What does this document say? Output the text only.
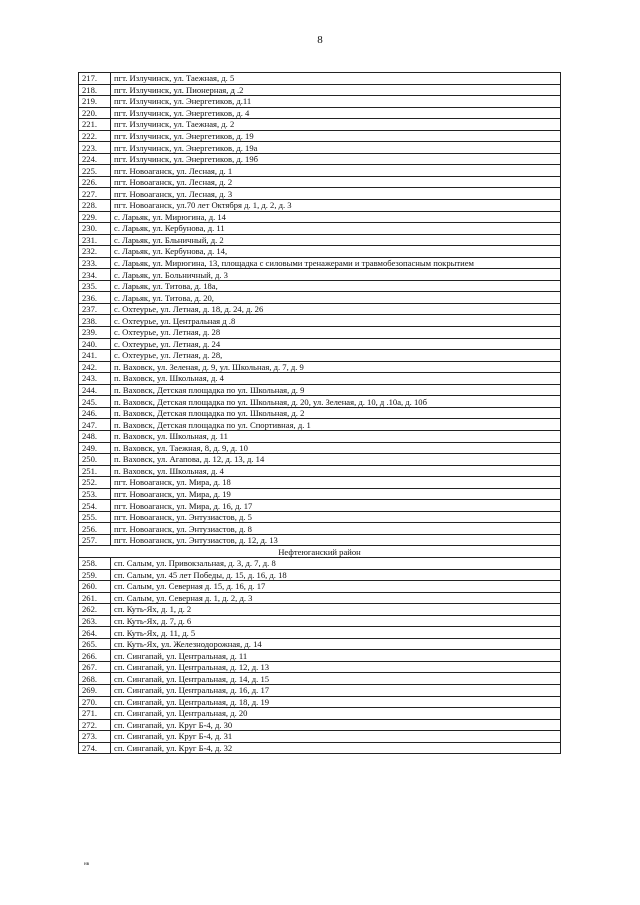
8
217.	пгт. Излучинск, ул. Таежная, д. 5
218.	пгт. Излучинск, ул. Пионерная, д .2
219.	пгт. Излучинск, ул. Энергетиков, д.11
220.	пгт. Излучинск, ул. Энергетиков, д. 4
221.	пгт. Излучинск, ул. Таежная, д. 2
222.	пгт. Излучинск, ул. Энергетиков, д. 19
223.	пгт. Излучинск, ул. Энергетиков, д. 19а
224.	пгт. Излучинск, ул. Энергетиков, д. 19б
225.	пгт. Новоаганск, ул. Лесная, д. 1
226.	пгт. Новоаганск, ул. Лесная, д. 2
227.	пгт. Новоаганск, ул. Лесная, д. 3
228.	пгт. Новоаганск, ул.70 лет Октября д. 1, д. 2, д. 3
229.	с. Ларьяк, ул. Мирюгина, д. 14
230.	с. Ларьяк, ул. Кербунова, д. 11
231.	с. Ларьяк, ул. Бльничный, д. 2
232.	с. Ларьяк, ул. Кербунова, д. 14,
233.	с. Ларьяк, ул. Мирюгина, 13, площадка с силовыми тренажерами и травмобезопасным покрытием
234.	с. Ларьяк, ул. Больничный, д. 3
235.	с. Ларьяк, ул. Титова, д. 18а,
236.	с. Ларьяк, ул. Титова, д. 20,
237.	с. Охтеурье, ул. Летная, д. 18, д. 24, д. 26
238.	с. Охтеурье, ул. Центральная д .8
239.	с. Охтеурье, ул. Летная, д. 28
240.	с. Охтеурье, ул. Летная, д. 24
241.	с. Охтеурье, ул. Летная, д. 28,
242.	п. Ваховск, ул. Зеленая, д. 9, ул. Школьная, д. 7, д. 9
243.	п. Ваховск, ул. Школьная, д. 4
244.	п. Ваховск, Детская площадка по ул. Школьная, д. 9
245.	п. Ваховск, Детская площадка по ул. Школьная, д. 20, ул. Зеленая, д. 10, д .10а, д. 10б
246.	п. Ваховск, Детская площадка по ул. Школьная, д. 2
247.	п. Ваховск, Детская площадка по ул. Спортивная, д. 1
248.	п. Ваховск, ул. Школьная, д. 11
249.	п. Ваховск, ул. Таежная, 8, д. 9, д. 10
250.	п. Ваховск, ул. Агапова, д. 12, д. 13, д. 14
251.	п. Ваховск, ул. Школьная, д. 4
252.	пгт. Новоаганск, ул. Мира, д. 18
253.	пгт. Новоаганск, ул. Мира, д. 19
254.	пгт. Новоаганск, ул. Мира, д. 16, д. 17
255.	пгт. Новоаганск, ул. Энтузиастов, д. 5
256.	пгт. Новоаганск, ул. Энтузиастов, д. 8
257.	пгт. Новоаганск, ул. Энтузиастов, д. 12, д. 13
Нефтеюганский район	
258.	сп. Салым, ул. Привокзальная, д. 3, д. 7, д. 8
259.	сп. Салым, ул. 45 лет Победы, д. 15, д. 16, д. 18
260.	сп. Салым, ул. Северная д. 15, д. 16, д. 17
261.	сп. Салым, ул. Северная д. 1, д. 2, д. 3
262.	сп. Куть-Ях, д. 1, д. 2
263.	сп. Куть-Ях, д. 7, д. 6
264.	сп. Куть-Ях, д. 11, д. 5
265.	сп. Куть-Ях, ул. Железнодорожная, д. 14
266.	сп. Сингапай, ул. Центральная, д. 11
267.	сп. Сингапай, ул. Центральная, д. 12, д. 13
268.	сп. Сингапай, ул. Центральная, д. 14, д. 15
269.	сп. Сингапай, ул. Центральная, д. 16, д. 17
270.	сп. Сингапай, ул. Центральная, д. 18, д. 19
271.	сп. Сингапай, ул. Центральная, д. 20
272.	сп. Сингапай, ул. Круг Б-4, д. 30
273.	сп. Сингапай, ул. Круг Б-4, д. 31
274.	сп. Сингапай, ул. Круг Б-4, д. 32
нв
